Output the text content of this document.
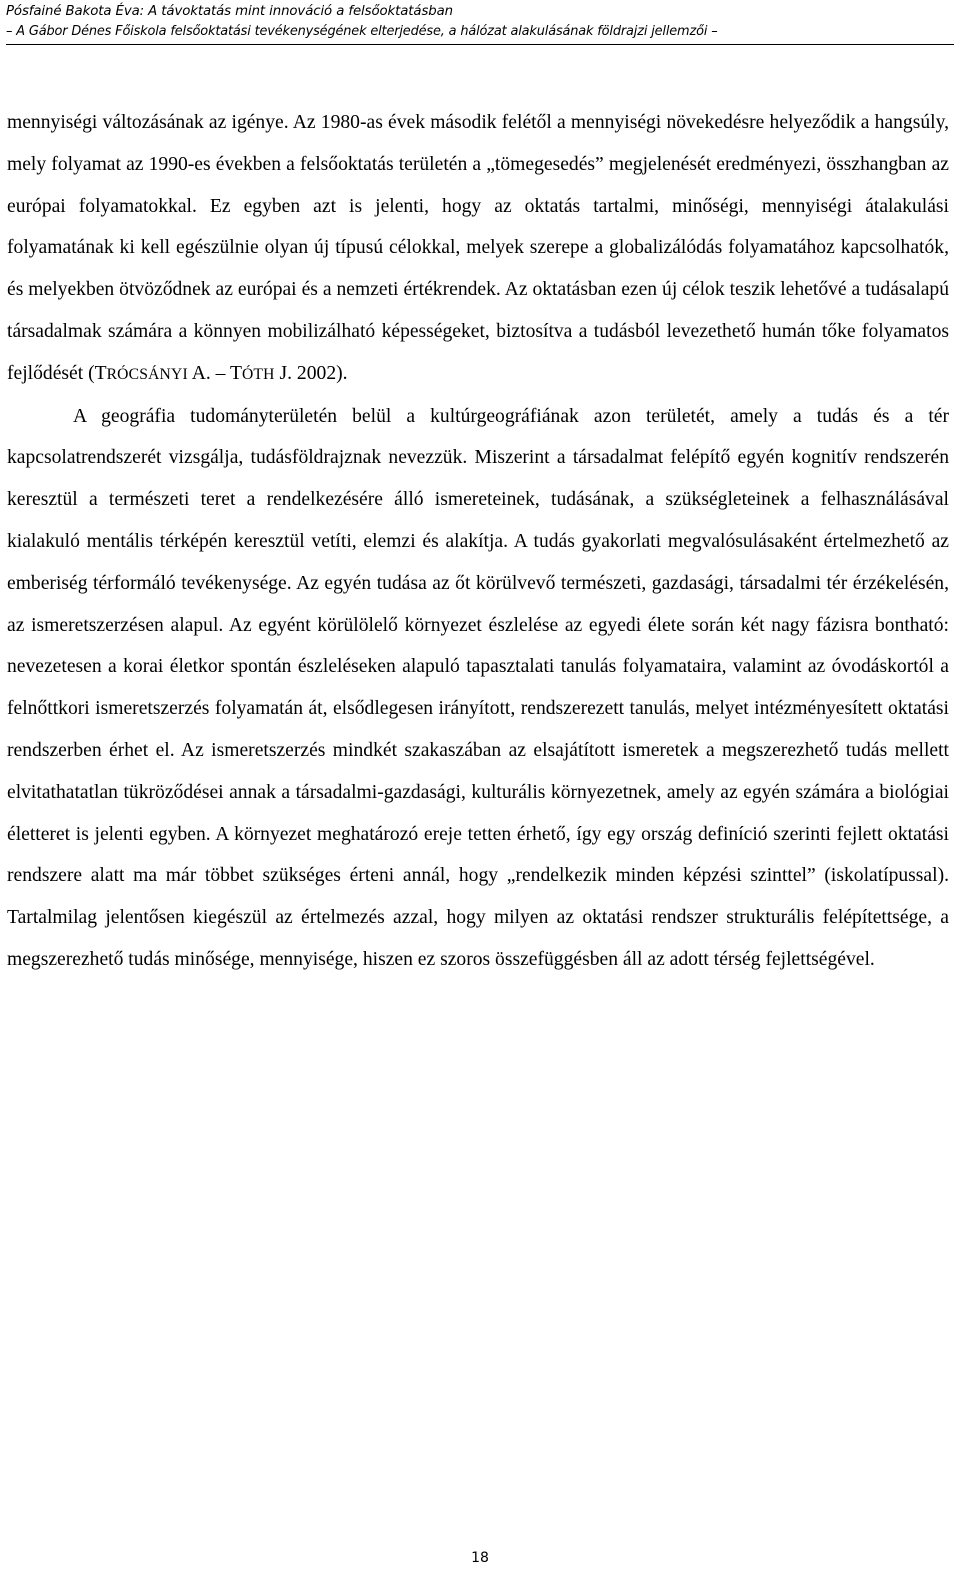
Pósfainé Bakota Éva: A távoktatás mint innováció a felsőoktatásban
– A Gábor Dénes Főiskola felsőoktatási tevékenységének elterjedése, a hálózat alakulásának földrajzi jellemzői –

mennyiségi változásának az igénye. Az 1980-as évek második felétől a mennyiségi növekedésre helyeződik a hangsúly, mely folyamat az 1990-es években a felsőoktatás területén a „tömegesedés” megjelenését eredményezi, összhangban az európai folyamatokkal. Ez egyben azt is jelenti, hogy az oktatás tartalmi, minőségi, mennyiségi átalakulási folyamatának ki kell egészülnie olyan új típusú célokkal, melyek szerepe a globalizálódás folyamatához kapcsolhatók, és melyekben ötvöződnek az európai és a nemzeti értékrendek. Az oktatásban ezen új célok teszik lehetővé a tudásalapú társadalmak számára a könnyen mobilizálható képességeket, biztosítva a tudásból levezethető humán tőke folyamatos fejlődését (TRÓCSÁNYI A. – TÓTH J. 2002).

A geográfia tudományterületén belül a kultúrgeográfiának azon területét, amely a tudás és a tér kapcsolatrendszerét vizsgálja, tudásföldrajznak nevezzük. Miszerint a társadalmat felépítő egyén kognitív rendszerén keresztül a természeti teret a rendelkezésére álló ismereteinek, tudásának, a szükségleteinek a felhasználásával kialakuló mentális térképén keresztül vetíti, elemzi és alakítja. A tudás gyakorlati megvalósulásaként értelmezhető az emberiség térformáló tevékenysége. Az egyén tudása az őt körülvevő természeti, gazdasági, társadalmi tér érzékelésén, az ismeretszerzésen alapul. Az egyént körülölelő környezet észlelése az egyedi élete során két nagy fázisra bontható: nevezetesen a korai életkor spontán észleléseken alapuló tapasztalati tanulás folyamataira, valamint az óvodáskortól a felnőttkori ismeretszerzés folyamatán át, elsődlegesen irányított, rendszerezett tanulás, melyet intézményesített oktatási rendszerben érhet el. Az ismeretszerzés mindkét szakaszában az elsajátított ismeretek a megszerezhető tudás mellett elvitathatatlan tükröződései annak a társadalmi-gazdasági, kulturális környezetnek, amely az egyén számára a biológiai életteret is jelenti egyben. A környezet meghatározó ereje tetten érhető, így egy ország definíció szerinti fejlett oktatási rendszere alatt ma már többet szükséges érteni annál, hogy „rendelkezik minden képzési szinttel” (iskolatípussal). Tartalmilag jelentősen kiegészül az értelmezés azzal, hogy milyen az oktatási rendszer strukturális felépítettsége, a megszerezhető tudás minősége, mennyisége, hiszen ez szoros összefüggésben áll az adott térség fejlettségével.

18
